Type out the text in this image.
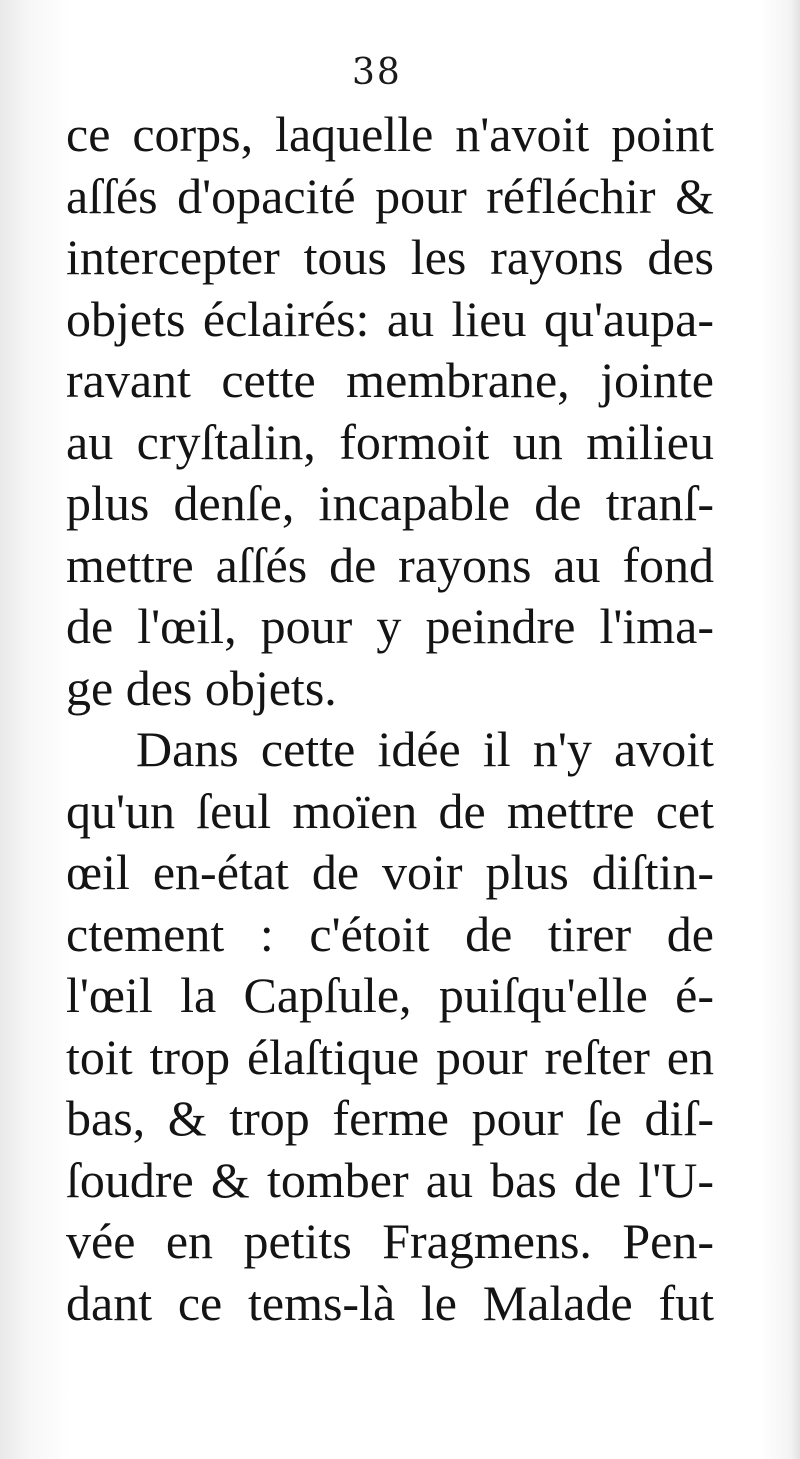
38
ce corps, laquelle n'avoit point
aſſés d'opacité pour réfléchir &
intercepter tous les rayons des
objets éclairés: au lieu qu'aupa-
ravant cette membrane, jointe
au cryſtalin, formoit un milieu
plus denſe, incapable de tranſ-
mettre aſſés de rayons au fond
de l'œil, pour y peindre l'ima-
ge des objets.
Dans cette idée il n'y avoit
qu'un ſeul moïen de mettre cet
œil en-état de voir plus diſtin-
ctement : c'étoit de tirer de
l'œil la Capſule, puiſqu'elle é-
toit trop élaſtique pour reſter en
bas, & trop ferme pour ſe diſ-
ſoudre & tomber au bas de l'U-
vée en petits Fragmens. Pen-
dant ce tems-là le Malade fut
